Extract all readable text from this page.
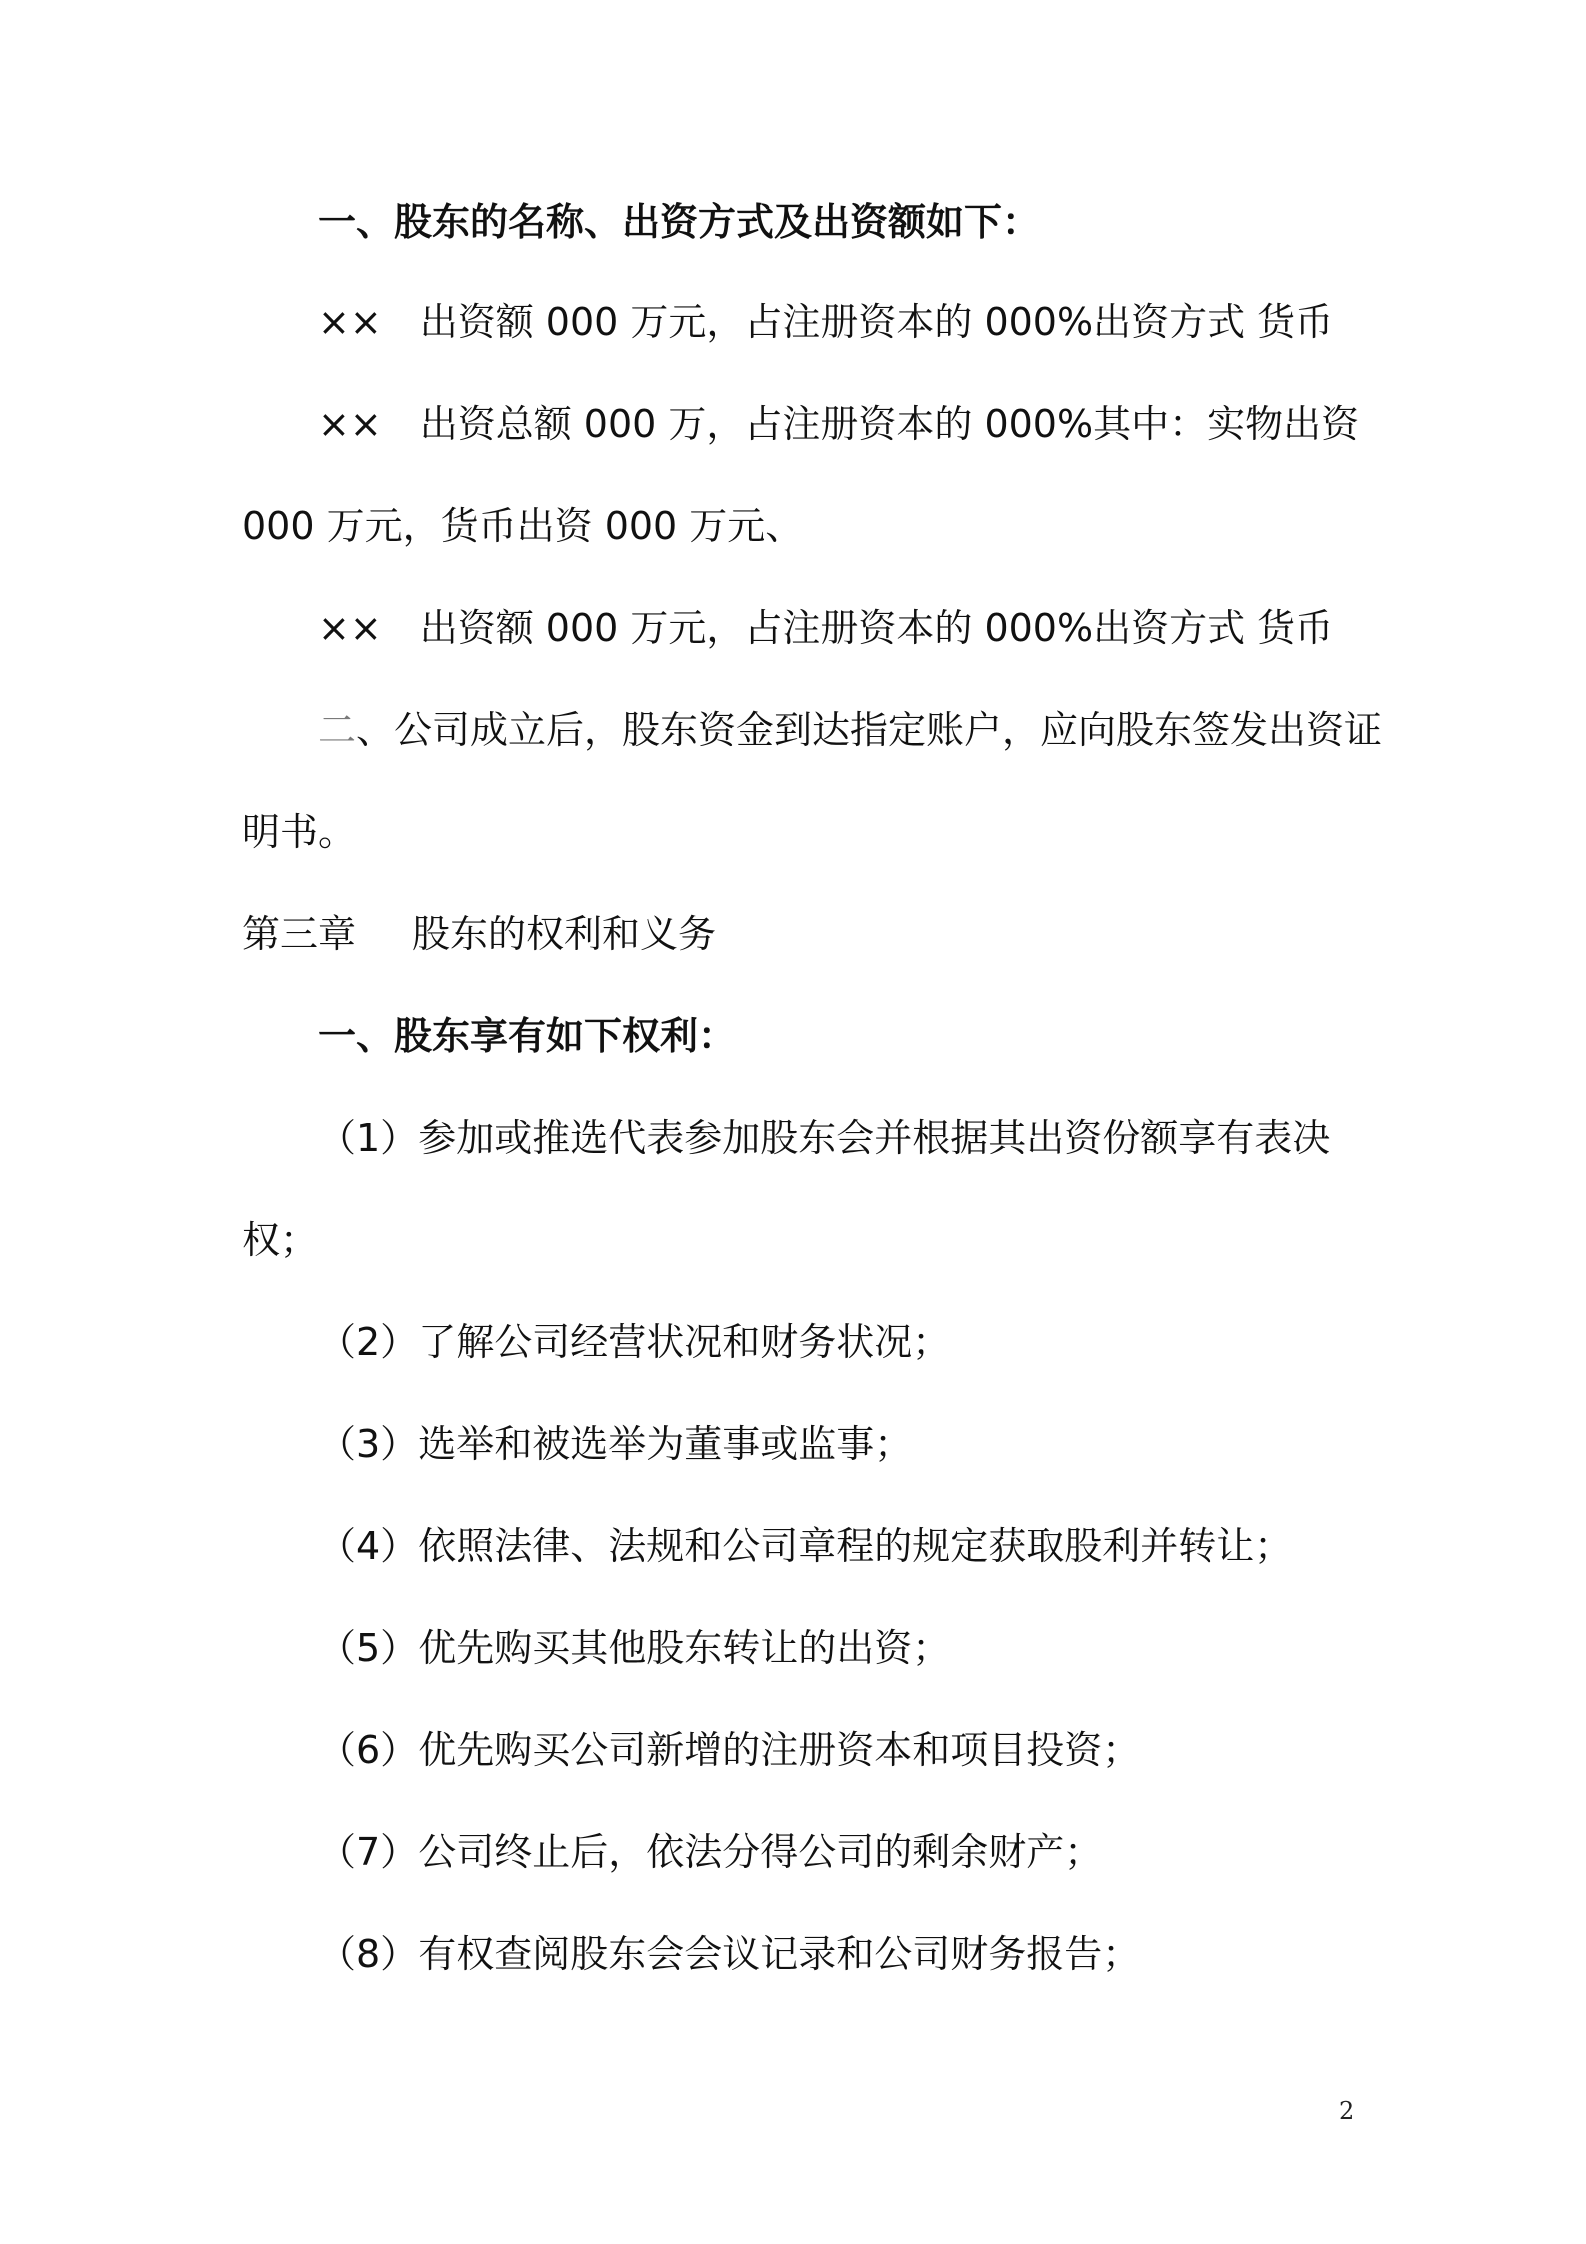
一、股东的名称、出资方式及出资额如下：
×× 出资额 000 万元，占注册资本的 000%出资方式 货币
×× 出资总额 000 万，占注册资本的 000%其中：实物出资
000 万元，货币出资 000 万元、
×× 出资额 000 万元，占注册资本的 000%出资方式 货币
二、公司成立后，股东资金到达指定账户，应向股东签发出资证
明书。
第三章 股东的权利和义务
一、股东享有如下权利：
（1）参加或推选代表参加股东会并根据其出资份额享有表决
权；
（2）了解公司经营状况和财务状况；
（3）选举和被选举为董事或监事；
（4）依照法律、法规和公司章程的规定获取股利并转让；
（5）优先购买其他股东转让的出资；
（6）优先购买公司新增的注册资本和项目投资；
（7）公司终止后，依法分得公司的剩余财产；
（8）有权查阅股东会会议记录和公司财务报告；
2
